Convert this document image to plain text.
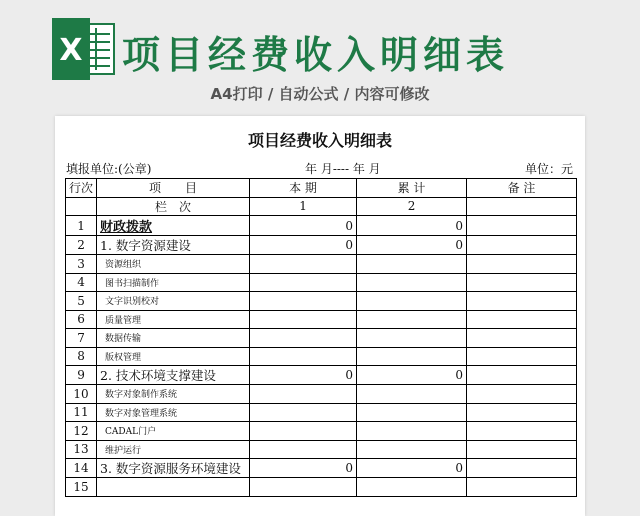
X 项目经费收入明细表
A4打印 / 自动公式 / 内容可修改
项目经费收入明细表
填报单位:(公章)	年 月---- 年 月	单位：元
行次	项　　目	本 期	累 计	备 注
	栏　次	1	2	
1	财政拨款	0	0	
2	1. 数字资源建设	0	0	
3	资源组织			
4	图书扫描制作			
5	文字识别校对			
6	质量管理			
7	数据传输			
8	版权管理			
9	2. 技术环境支撑建设	0	0	
10	数字对象制作系统			
11	数字对象管理系统			
12	CADAL门户			
13	维护运行			
14	3. 数字资源服务环境建设	0	0	
15				
